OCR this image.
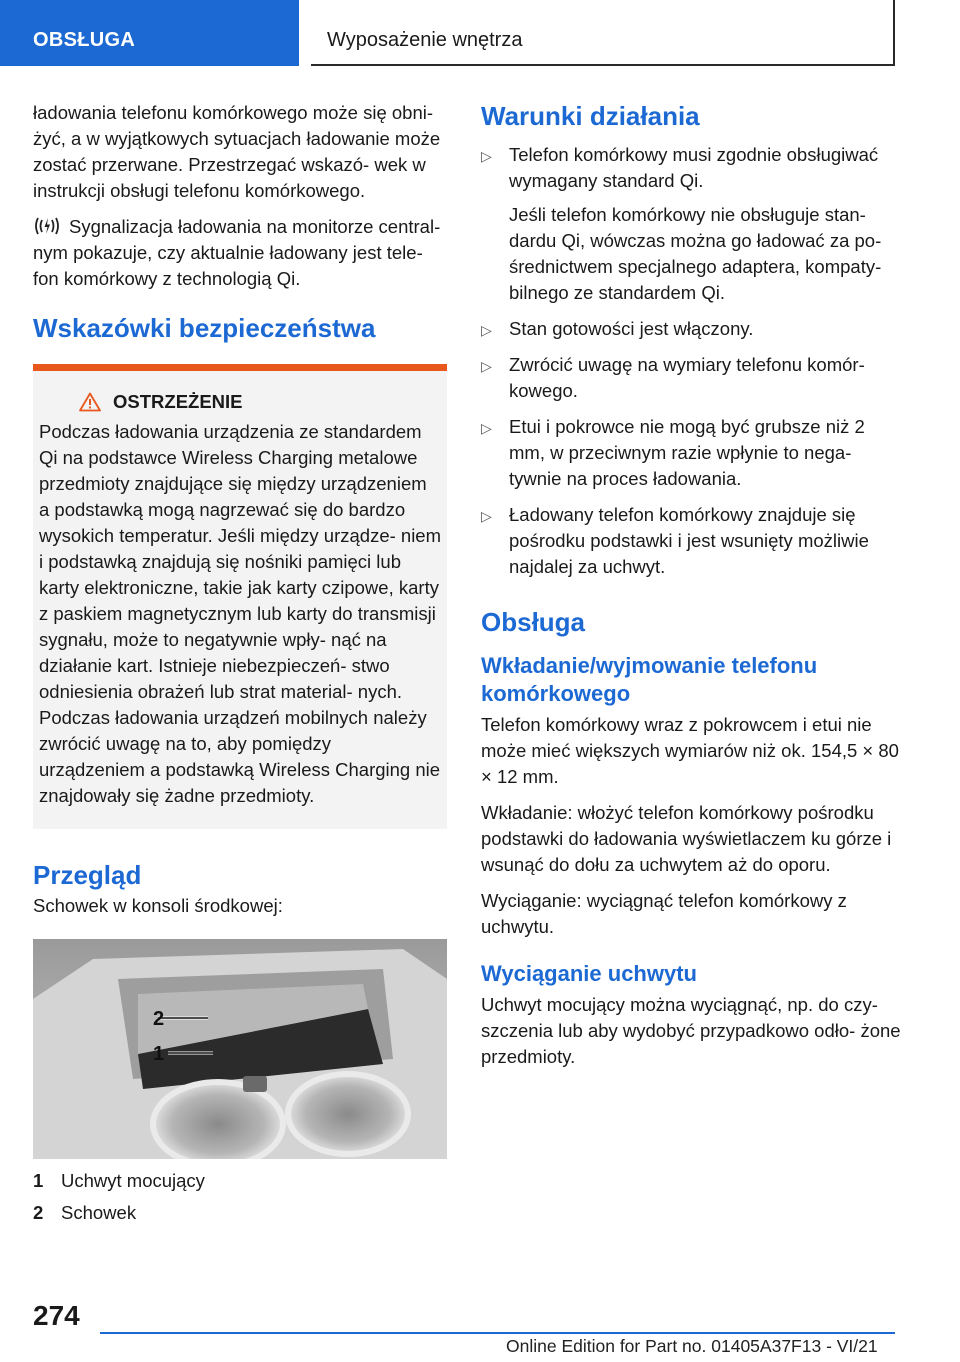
OBSŁUGA	Wyposażenie wnętrza

ładowania telefonu komórkowego może się obni‐ żyć, a w wyjątkowych sytuacjach ładowanie może zostać przerwane. Przestrzegać wskazó‐ wek w instrukcji obsługi telefonu komórkowego.

Sygnalizacja ładowania na monitorze central‐ nym pokazuje, czy aktualnie ładowany jest tele‐ fon komórkowy z technologią Qi.

Wskazówki bezpieczeństwa
OSTRZEŻENIE
Podczas ładowania urządzenia ze standardem Qi na podstawce Wireless Charging metalowe przedmioty znajdujące się między urządzeniem a podstawką mogą nagrzewać się do bardzo wysokich temperatur. Jeśli między urządze‐ niem i podstawką znajdują się nośniki pamięci lub karty elektroniczne, takie jak karty czipowe, karty z paskiem magnetycznym lub karty do transmisji sygnału, może to negatywnie wpły‐ nąć na działanie kart. Istnieje niebezpieczeń‐ stwo odniesienia obrażeń lub strat material‐ nych. Podczas ładowania urządzeń mobilnych należy zwrócić uwagę na to, aby pomiędzy urządzeniem a podstawką Wireless Charging nie znajdowały się żadne przedmioty.
Przegląd

Schowek w konsoli środkowej:

2
1
1 Uchwyt mocujący
2 Schowek
Warunki działania
▷ Telefon komórkowy musi zgodnie obsługiwać wymagany standard Qi.
Jeśli telefon komórkowy nie obsługuje stan‐ dardu Qi, wówczas można go ładować za po‐ średnictwem specjalnego adaptera, kompaty‐ bilnego ze standardem Qi.
▷ Stan gotowości jest włączony.
▷ Zwrócić uwagę na wymiary telefonu komór‐ kowego.
▷ Etui i pokrowce nie mogą być grubsze niż 2 mm, w przeciwnym razie wpłynie to nega‐ tywnie na proces ładowania.
▷ Ładowany telefon komórkowy znajduje się pośrodku podstawki i jest wsunięty możliwie najdalej za uchwyt.
Obsługa
Wkładanie/wyjmowanie telefonu komórkowego

Telefon komórkowy wraz z pokrowcem i etui nie może mieć większych wymiarów niż ok. 154,5 × 80 × 12 mm.

Wkładanie: włożyć telefon komórkowy pośrodku podstawki do ładowania wyświetlaczem ku górze i wsunąć do dołu za uchwytem aż do oporu.

Wyciąganie: wyciągnąć telefon komórkowy z uchwytu.

Wyciąganie uchwytu

Uchwyt mocujący można wyciągnąć, np. do czy‐ szczenia lub aby wydobyć przypadkowo odło‐ żone przedmioty.

274
Online Edition for Part no. 01405A37F13 - VI/21
